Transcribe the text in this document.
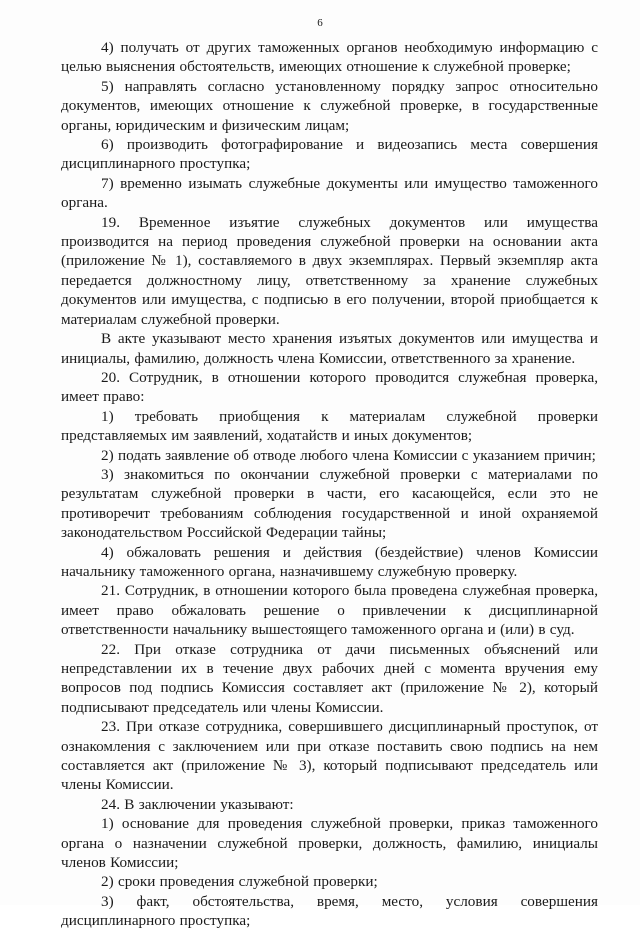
6

4) получать от других таможенных органов необходимую информацию с целью выяснения обстоятельств, имеющих отношение к служебной проверке;

5) направлять согласно установленному порядку запрос относительно документов, имеющих отношение к служебной проверке, в государственные органы, юридическим и физическим лицам;

6) производить фотографирование и видеозапись места совершения дисциплинарного проступка;

7) временно изымать служебные документы или имущество таможенного органа.

19. Временное изъятие служебных документов или имущества производится на период проведения служебной проверки на основании акта (приложение № 1), составляемого в двух экземплярах. Первый экземпляр акта передается должностному лицу, ответственному за хранение служебных документов или имущества, с подписью в его получении, второй приобщается к материалам служебной проверки.

В акте указывают место хранения изъятых документов или имущества и инициалы, фамилию, должность члена Комиссии, ответственного за хранение.

20. Сотрудник, в отношении которого проводится служебная проверка, имеет право:

1) требовать приобщения к материалам служебной проверки представляемых им заявлений, ходатайств и иных документов;

2) подать заявление об отводе любого члена Комиссии с указанием причин;

3) знакомиться по окончании служебной проверки с материалами по результатам служебной проверки в части, его касающейся, если это не противоречит требованиям соблюдения государственной и иной охраняемой законодательством Российской Федерации тайны;

4) обжаловать решения и действия (бездействие) членов Комиссии начальнику таможенного органа, назначившему служебную проверку.

21. Сотрудник, в отношении которого была проведена служебная проверка, имеет право обжаловать решение о привлечении к дисциплинарной ответственности начальнику вышестоящего таможенного органа и (или) в суд.

22. При отказе сотрудника от дачи письменных объяснений или непредставлении их в течение двух рабочих дней с момента вручения ему вопросов под подпись Комиссия составляет акт (приложение № 2), который подписывают председатель или члены Комиссии.

23. При отказе сотрудника, совершившего дисциплинарный проступок, от ознакомления с заключением или при отказе поставить свою подпись на нем составляется акт (приложение № 3), который подписывают председатель или члены Комиссии.

24. В заключении указывают:

1) основание для проведения служебной проверки, приказ таможенного органа о назначении служебной проверки, должность, фамилию, инициалы членов Комиссии;

2) сроки проведения служебной проверки;

3) факт, обстоятельства, время, место, условия совершения дисциплинарного проступка;
